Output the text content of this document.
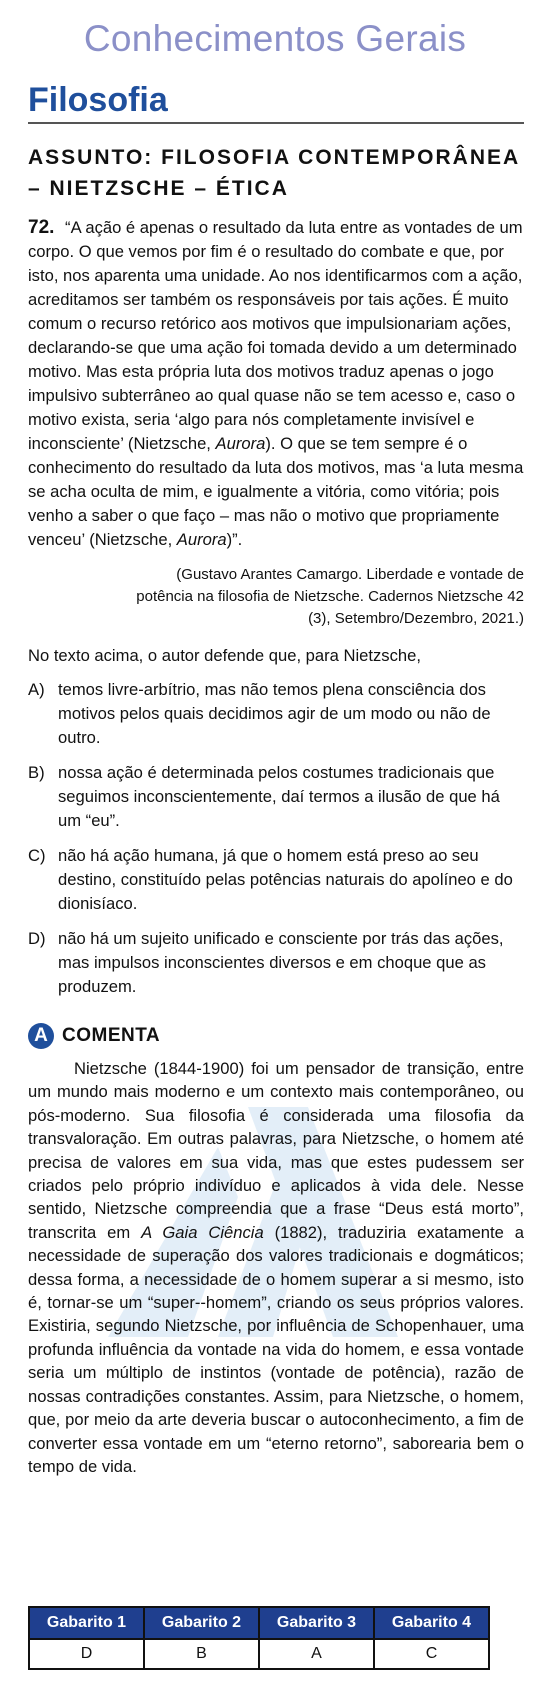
Conhecimentos Gerais
Filosofia
ASSUNTO: FILOSOFIA CONTEMPORÂNEA – NIETZSCHE – ÉTICA
72. “A ação é apenas o resultado da luta entre as vontades de um corpo. O que vemos por fim é o resultado do combate e que, por isto, nos aparenta uma unidade. Ao nos identificarmos com a ação, acreditamos ser também os responsáveis por tais ações. É muito comum o recurso retórico aos motivos que impulsionariam ações, declarando-se que uma ação foi tomada devido a um determinado motivo. Mas esta própria luta dos motivos traduz apenas o jogo impulsivo subterrâneo ao qual quase não se tem acesso e, caso o motivo exista, seria ‘algo para nós completamente invisível e inconsciente’ (Nietzsche, Aurora). O que se tem sempre é o conhecimento do resultado da luta dos motivos, mas ‘a luta mesma se acha oculta de mim, e igualmente a vitória, como vitória; pois venho a saber o que faço – mas não o motivo que propriamente venceu’ (Nietzsche, Aurora)”.
(Gustavo Arantes Camargo. Liberdade e vontade de
potência na filosofia de Nietzsche. Cadernos Nietzsche 42
(3), Setembro/Dezembro, 2021.)
No texto acima, o autor defende que, para Nietzsche,
A) temos livre-arbítrio, mas não temos plena consciência dos motivos pelos quais decidimos agir de um modo ou não de outro.
B) nossa ação é determinada pelos costumes tradicionais que seguimos inconscientemente, daí termos a ilusão de que há um “eu”.
C) não há ação humana, já que o homem está preso ao seu destino, constituído pelas potências naturais do apolíneo e do dionisíaco.
D) não há um sujeito unificado e consciente por trás das ações, mas impulsos inconscientes diversos e em choque que as produzem.
A COMENTA
Nietzsche (1844-1900) foi um pensador de transição, entre um mundo mais moderno e um contexto mais contemporâneo, ou pós-moderno. Sua filosofia é considerada uma filosofia da transvaloração. Em outras palavras, para Nietzsche, o homem até precisa de valores em sua vida, mas que estes pudessem ser criados pelo próprio indivíduo e aplicados à vida dele. Nesse sentido, Nietzsche compreendia que a frase “Deus está morto”, transcrita em A Gaia Ciência (1882), traduziria exatamente a necessidade de superação dos valores tradicionais e dogmáticos; dessa forma, a necessidade de o homem superar a si mesmo, isto é, tornar-se um “super--homem”, criando os seus próprios valores. Existiria, segundo Nietzsche, por influência de Schopenhauer, uma profunda influência da vontade na vida do homem, e essa vontade seria um múltiplo de instintos (vontade de potência), razão de nossas contradições constantes. Assim, para Nietzsche, o homem, que, por meio da arte deveria buscar o autoconhecimento, a fim de converter essa vontade em um “eterno retorno”, saborearia bem o tempo de vida.
Gabarito 1	Gabarito 2	Gabarito 3	Gabarito 4
D	B	A	C
